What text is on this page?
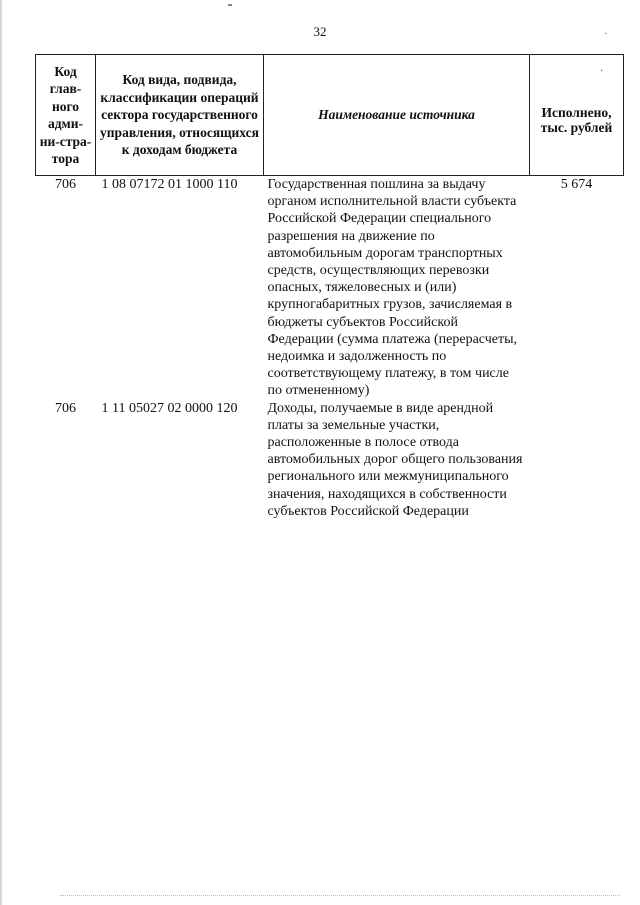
32	˙
·
Код глав-ного адми-ни-стра-тора	Код вида, подвида, классификации операций сектора государственного управления, относящихся к доходам бюджета	Наименование источника	Исполнено, тыс. рублей
706	1 08 07172 01 1000 110	Государственная пошлина за выдачу органом исполнительной власти субъекта Российской Федерации специального разрешения на движение по автомобильным дорогам транспортных средств, осуществляющих перевозки опасных, тяжеловесных и (или) крупногабаритных грузов, зачисляемая в бюджеты субъектов Российской Федерации (сумма платежа (перерасчеты, недоимка и задолженность по соответствующему платежу, в том числе по отмененному)	5 674
706	1 11 05027 02 0000 120	Доходы, получаемые в виде арендной платы за земельные участки, расположенные в полосе отвода автомобильных дорог общего пользования регионального или межмуниципального значения, находящихся в собственности субъектов Российской Федерации	
